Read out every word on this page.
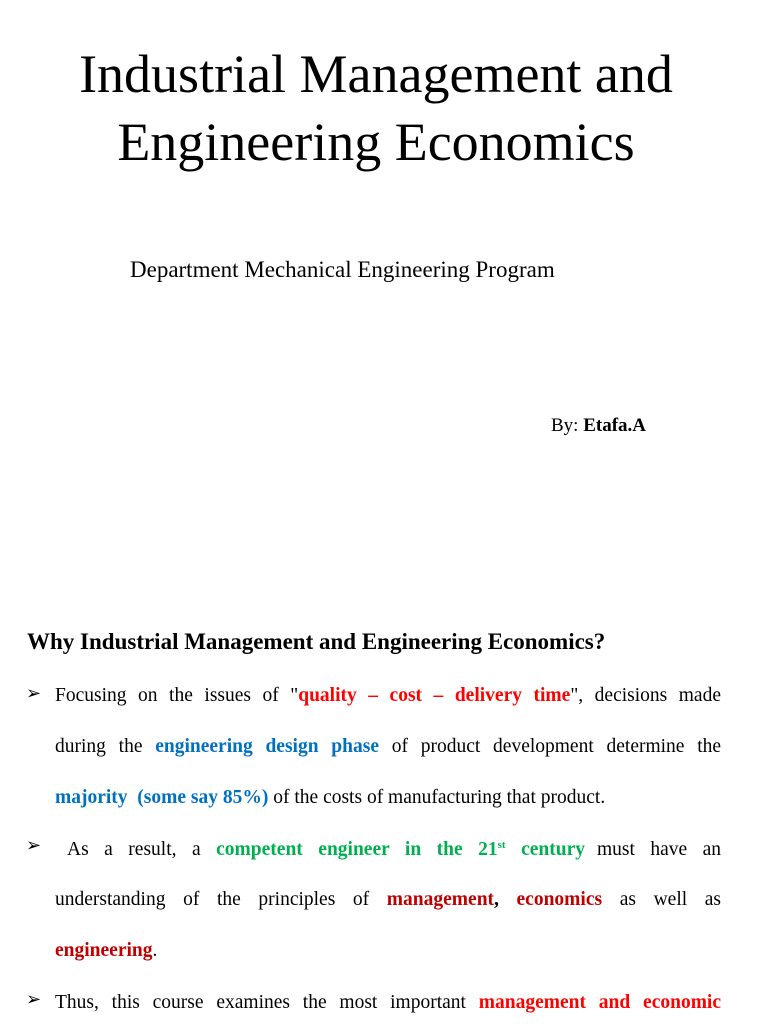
Industrial Management and
Engineering Economics
Department Mechanical Engineering Program
By: Etafa.A
Why Industrial Management and Engineering Economics?
➢ Focusing on the issues of "quality – cost – delivery time", decisions made
during the engineering design phase of product development determine the
majority  (some say 85%) of the costs of manufacturing that product.
➢ As a result, a competent engineer in the 21st century must have an
understanding of the principles of management, economics as well as
engineering.
➢ Thus, this course examines the most important management and economic
